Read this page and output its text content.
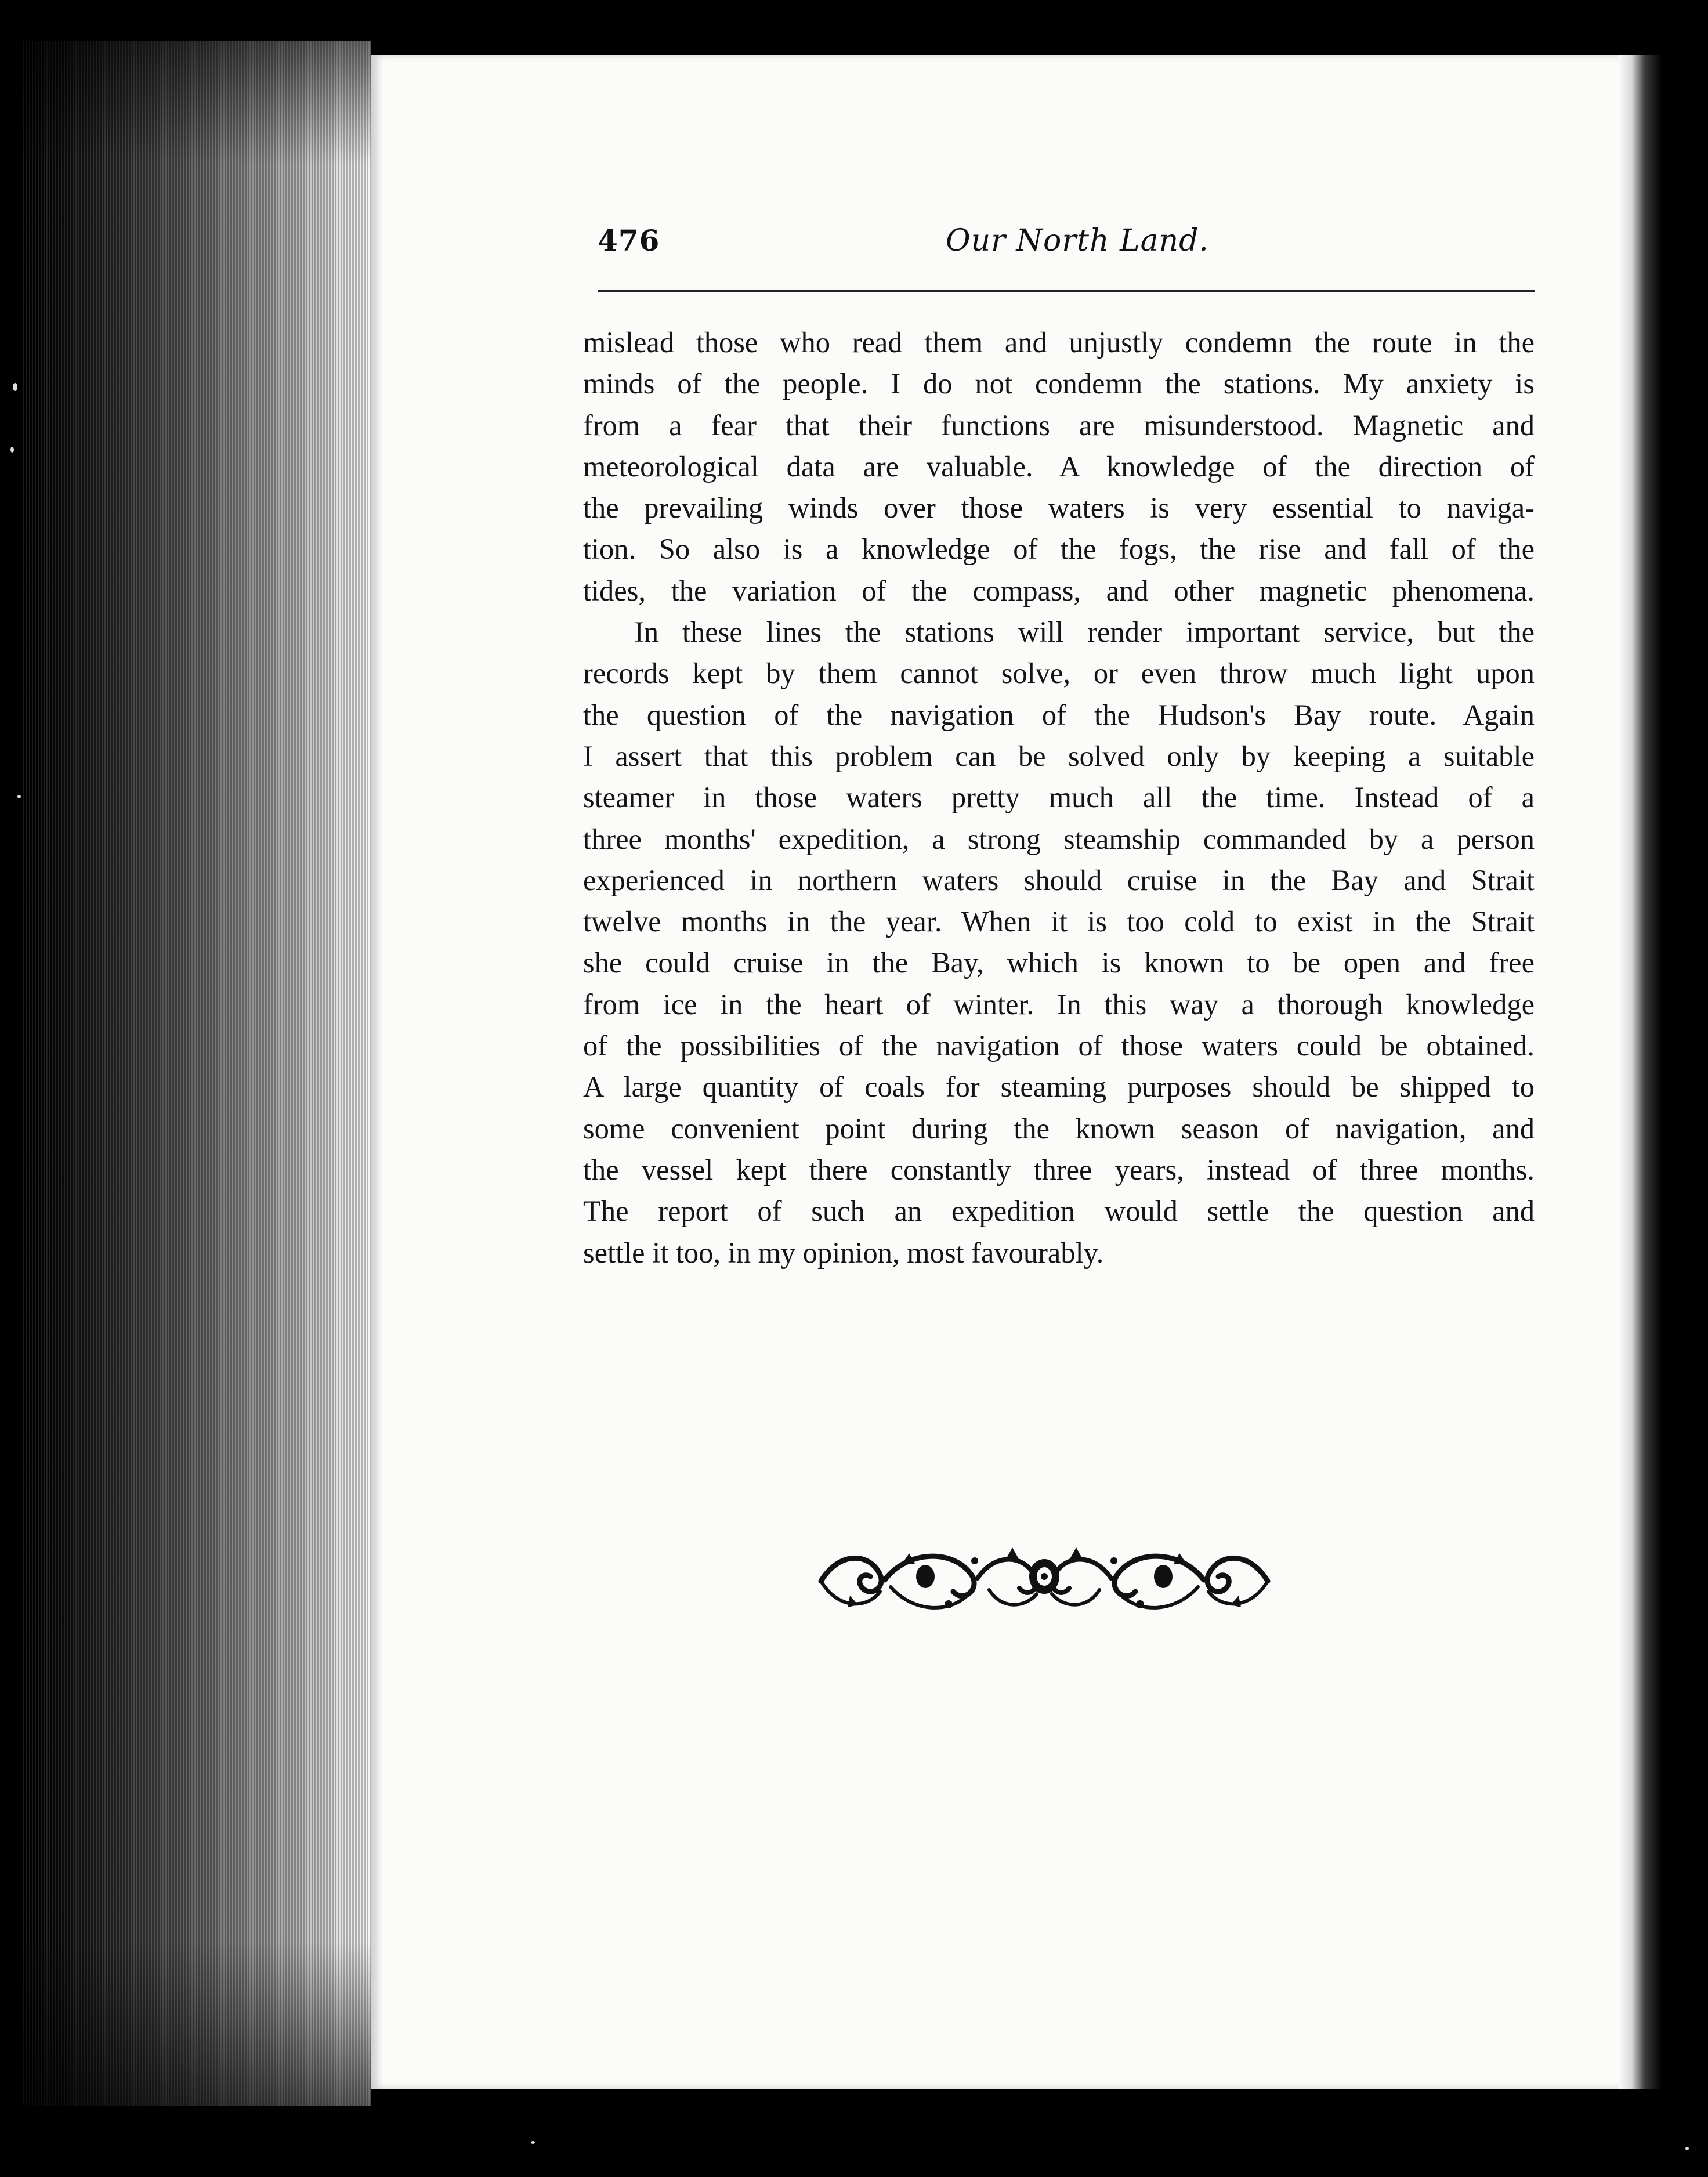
476	Our North Land.
mislead those who read them and unjustly condemn the route in the
minds of the people. I do not condemn the stations. My anxiety is
from a fear that their functions are misunderstood. Magnetic and
meteorological data are valuable. A knowledge of the direction of
the prevailing winds over those waters is very essential to naviga-
tion. So also is a knowledge of the fogs, the rise and fall of the
tides, the variation of the compass, and other magnetic phenomena.
In these lines the stations will render important service, but the
records kept by them cannot solve, or even throw much light upon
the question of the navigation of the Hudson's Bay route. Again
I assert that this problem can be solved only by keeping a suitable
steamer in those waters pretty much all the time. Instead of a
three months' expedition, a strong steamship commanded by a person
experienced in northern waters should cruise in the Bay and Strait
twelve months in the year. When it is too cold to exist in the Strait
she could cruise in the Bay, which is known to be open and free
from ice in the heart of winter. In this way a thorough knowledge
of the possibilities of the navigation of those waters could be obtained.
A large quantity of coals for steaming purposes should be shipped to
some convenient point during the known season of navigation, and
the vessel kept there constantly three years, instead of three months.
The report of such an expedition would settle the question and
settle it too, in my opinion, most favourably.
